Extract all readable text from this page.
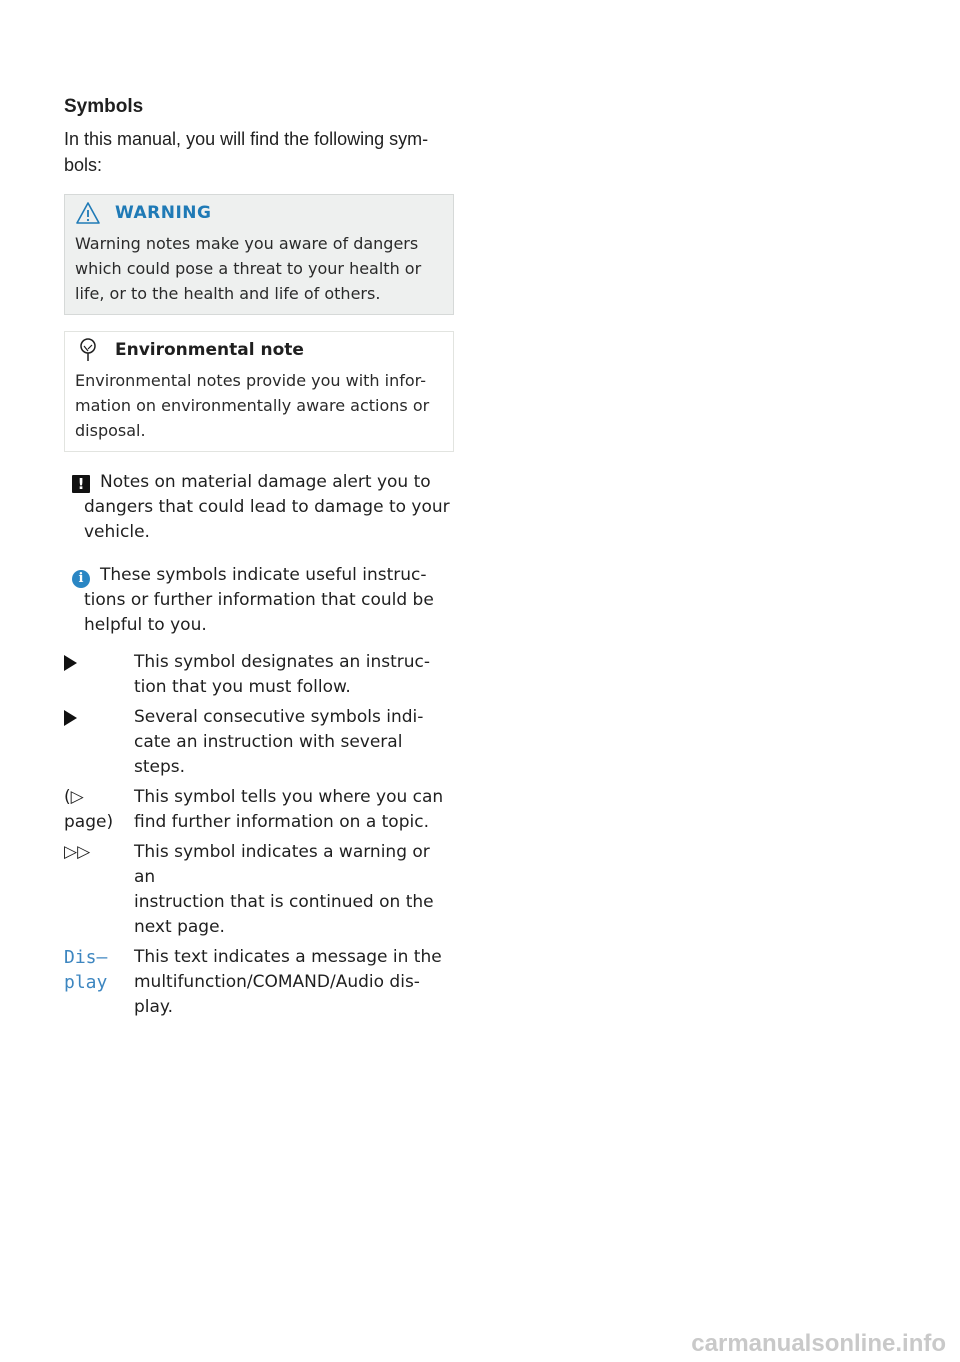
Symbols

In this manual, you will find the following sym-
bols:

WARNING
Warning notes make you aware of dangers
which could pose a threat to your health or
life, or to the health and life of others.
Environmental note
Environmental notes provide you with infor-
mation on environmentally aware actions or
disposal.
! Notes on material damage alert you to
dangers that could lead to damage to your
vehicle.
i These symbols indicate useful instruc-
tions or further information that could be
helpful to you.
This symbol designates an instruc-
tion that you must follow.
Several consecutive symbols indi-
cate an instruction with several
steps.
(▷
page)
This symbol tells you where you can
find further information on a topic.
▷▷	This symbol indicates a warning or an
instruction that is continued on the
next page.
Dis–
play
This text indicates a message in the
multifunction/COMAND/Audio dis-
play.
carmanualsonline.info
